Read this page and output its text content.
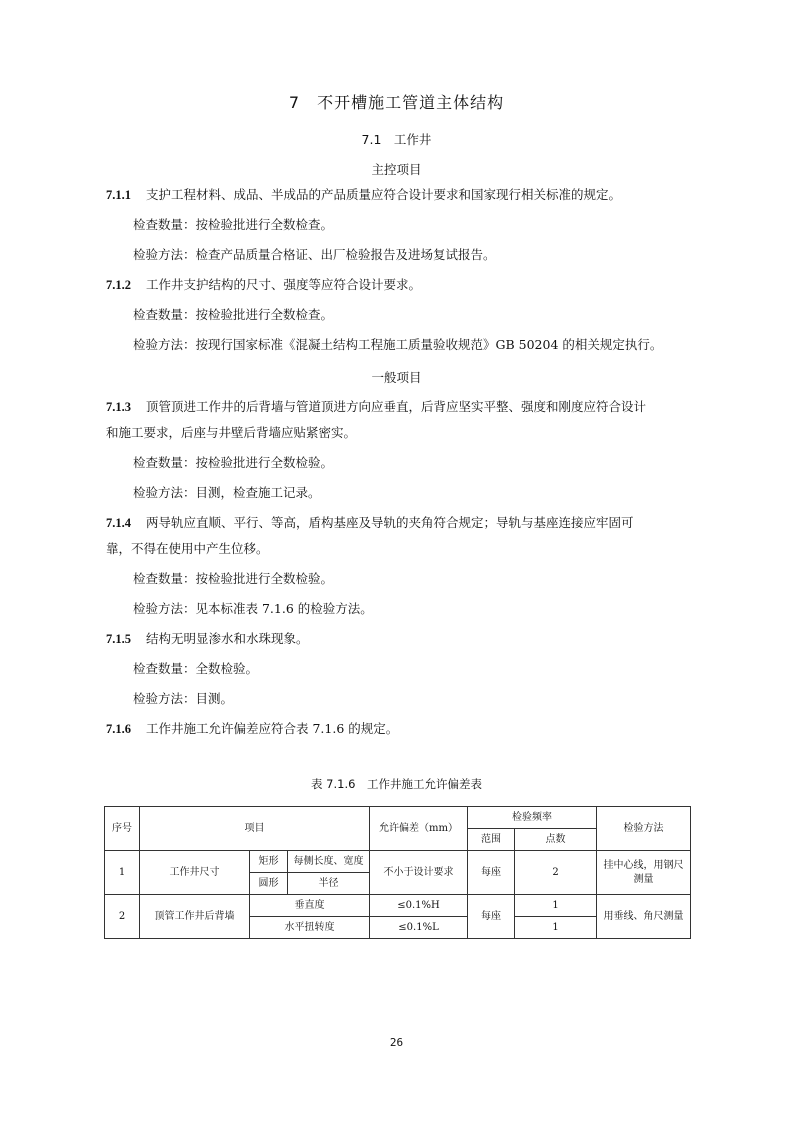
7　不开槽施工管道主体结构
7.1　工作井
主控项目
7.1.1 支护工程材料、成品、半成品的产品质量应符合设计要求和国家现行相关标准的规定。
检查数量：按检验批进行全数检查。
检验方法：检查产品质量合格证、出厂检验报告及进场复试报告。
7.1.2 工作井支护结构的尺寸、强度等应符合设计要求。
检查数量：按检验批进行全数检查。
检验方法：按现行国家标准《混凝土结构工程施工质量验收规范》GB 50204 的相关规定执行。
一般项目
7.1.3 顶管顶进工作井的后背墙与管道顶进方向应垂直，后背应坚实平整、强度和刚度应符合设计
和施工要求，后座与井壁后背墙应贴紧密实。
检查数量：按检验批进行全数检验。
检验方法：目测，检查施工记录。
7.1.4 两导轨应直顺、平行、等高，盾构基座及导轨的夹角符合规定；导轨与基座连接应牢固可
靠，不得在使用中产生位移。
检查数量：按检验批进行全数检验。
检验方法：见本标准表 7.1.6 的检验方法。
7.1.5 结构无明显渗水和水珠现象。
检查数量：全数检验。
检验方法：目测。
7.1.6 工作井施工允许偏差应符合表 7.1.6 的规定。
表 7.1.6　工作井施工允许偏差表
序号	项目			允许偏差（mm）	检验频率		检验方法
					范围	点数	
1	工作井尺寸	矩形	每侧长度、宽度	不小于设计要求	每座	2	挂中心线，用钢尺测量
		圆形	半径				
2	顶管工作井后背墙	垂直度		≤0.1%H	每座	1	用垂线、角尺测量
		水平扭转度		≤0.1%L		1	
26
